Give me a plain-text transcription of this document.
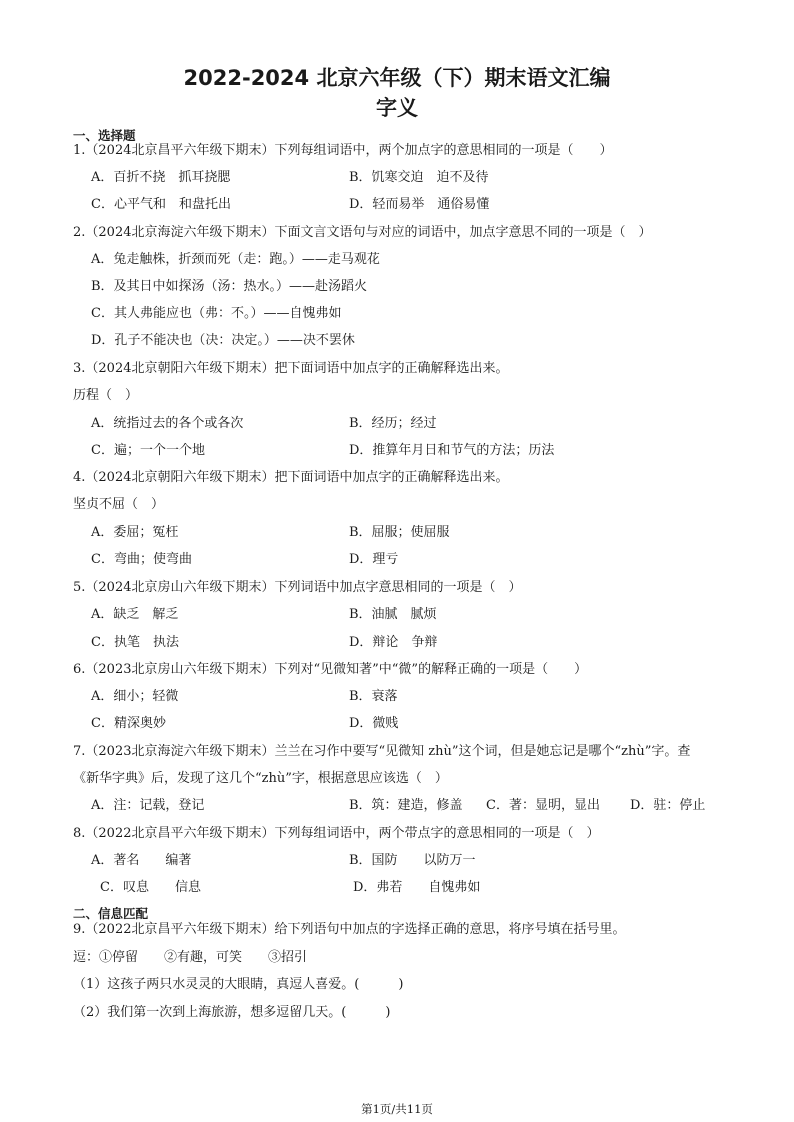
2022-2024 北京六年级（下）期末语文汇编
字义
一、选择题
1.（2024北京昌平六年级下期末）下列每组词语中，两个加点字的意思相同的一项是（　　）
A．百折不挠　抓耳挠腮	B．饥寒交迫　迫不及待
C．心平气和　和盘托出	D．轻而易举　通俗易懂
2.（2024北京海淀六年级下期末）下面文言文语句与对应的词语中，加点字意思不同的一项是（　）
A．兔走触株，折颈而死（走：跑。）——走马观花
B．及其日中如探汤（汤：热水。）——赴汤蹈火
C．其人弗能应也（弗：不。）——自愧弗如
D．孔子不能决也（决：决定。）——决不罢休
3.（2024北京朝阳六年级下期末）把下面词语中加点字的正确解释选出来。
历程（　）
A．统指过去的各个或各次	B．经历；经过
C．遍；一个一个地	D．推算年月日和节气的方法；历法
4.（2024北京朝阳六年级下期末）把下面词语中加点字的正确解释选出来。
坚贞不屈（　）
A．委屈；冤枉	B．屈服；使屈服
C．弯曲；使弯曲	D．理亏
5.（2024北京房山六年级下期末）下列词语中加点字意思相同的一项是（　）
A．缺乏　解乏	B．油腻　腻烦
C．执笔　执法	D．辩论　争辩
6.（2023北京房山六年级下期末）下列对“见微知著”中“微”的解释正确的一项是（　　）
A．细小；轻微	B．衰落
C．精深奥妙	D．微贱
7.（2023北京海淀六年级下期末）兰兰在习作中要写“见微知 zhù”这个词，但是她忘记是哪个“zhù”字。查
《新华字典》后，发现了这几个“zhù”字，根据意思应该选（　）
A．注：记载，登记	B．筑：建造，修盖 C．著：显明，显出 D．驻：停止
8.（2022北京昌平六年级下期末）下列每组词语中，两个带点字的意思相同的一项是（　）
A．著名　　编著	B．国防　　以防万一
C．叹息　　信息	D．弗若　　自愧弗如
二、信息匹配
9.（2022北京昌平六年级下期末）给下列语句中加点的字选择正确的意思，将序号填在括号里。
逗：①停留　　②有趣，可笑　　③招引
（1）这孩子两只水灵灵的大眼睛，真逗人喜爱。(　　　)
（2）我们第一次到上海旅游，想多逗留几天。(　　　)
第1页/共11页
